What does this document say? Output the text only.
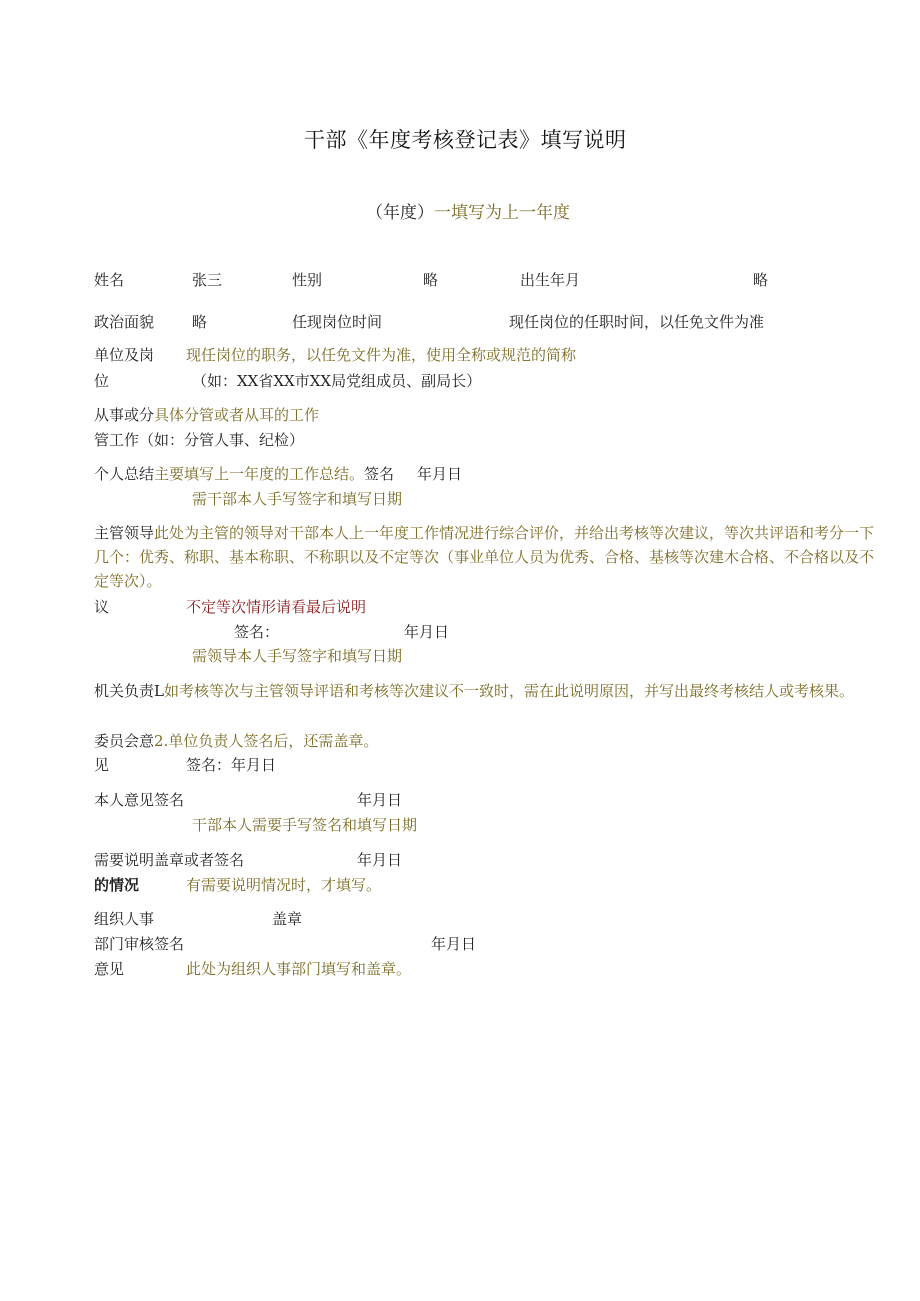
干部《年度考核登记表》填写说明
（年度）一填写为上一年度
姓名	张三	性别	略	出生年月	略
政治面貌	略	任现岗位时间	现任岗位的任职时间，以任免文件为准
单位及岗 现任岗位的职务，以任免文件为准，使用全称或规范的简称
位	（如：XX省XX市XX局党组成员、副局长）
从事或分具体分管或者从耳的工作
管工作（如：分管人事、纪检）
个人总结主要填写上一年度的工作总结。签名 年月日
需干部本人手写签字和填写日期
主管领导此处为主管的领导对干部本人上一年度工作情况进行综合评价，并给出考核等次建议，等次共评语和考分一下几个：优秀、称职、基本称职、不称职以及不定等次（事业单位人员为优秀、合格、基核等次建木合格、不合格以及不定等次）。
议	不定等次情形请看最后说明
签名：	年月日
需领导本人手写签字和填写日期
机关负责L如考核等次与主管领导评语和考核等次建议不一致时，需在此说明原因，并写出最终考核结人或考核果。
委员会意2.单位负责人签名后，还需盖章。
见	签名：年月日
本人意见签名	年月日
干部本人需要手写签名和填写日期
需要说明盖章或者签名	年月日
的情况	有需要说明情况时，才填写。
组织人事	盖章
部门审核签名	年月日
意见	此处为组织人事部门填写和盖章。
